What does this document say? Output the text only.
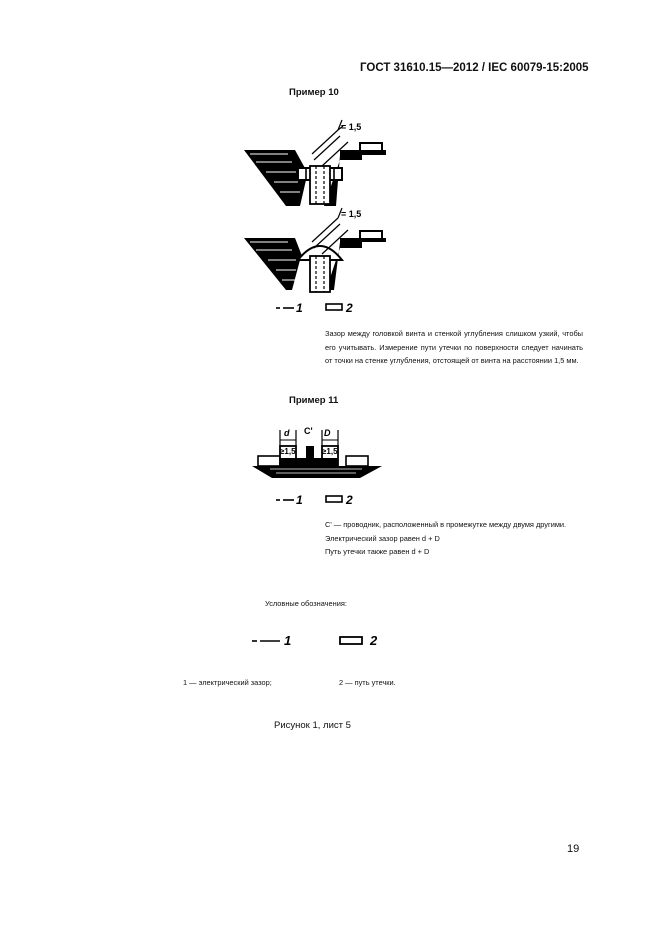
ГОСТ 31610.15—2012 / IEC 60079-15:2005
Пример 10
= 1,5
= 1,5
1	2
Зазор между головкой винта и стенкой углубления слишком узкий, чтобы его учитывать. Измерение пути утечки по поверхности следует начинать от точки на стенке углубления, отстоящей от винта на расстоянии 1,5 мм.
Пример 11
d C' D
≥1,5	≥1,5
1	2
C' — проводник, расположенный в промежутке между двумя другими.
Электрический зазор равен d + D
Путь утечки также равен d + D
Условные обозначения:
1	2
1 — электрический зазор;	2 — путь утечки.
Рисунок 1, лист 5
19
